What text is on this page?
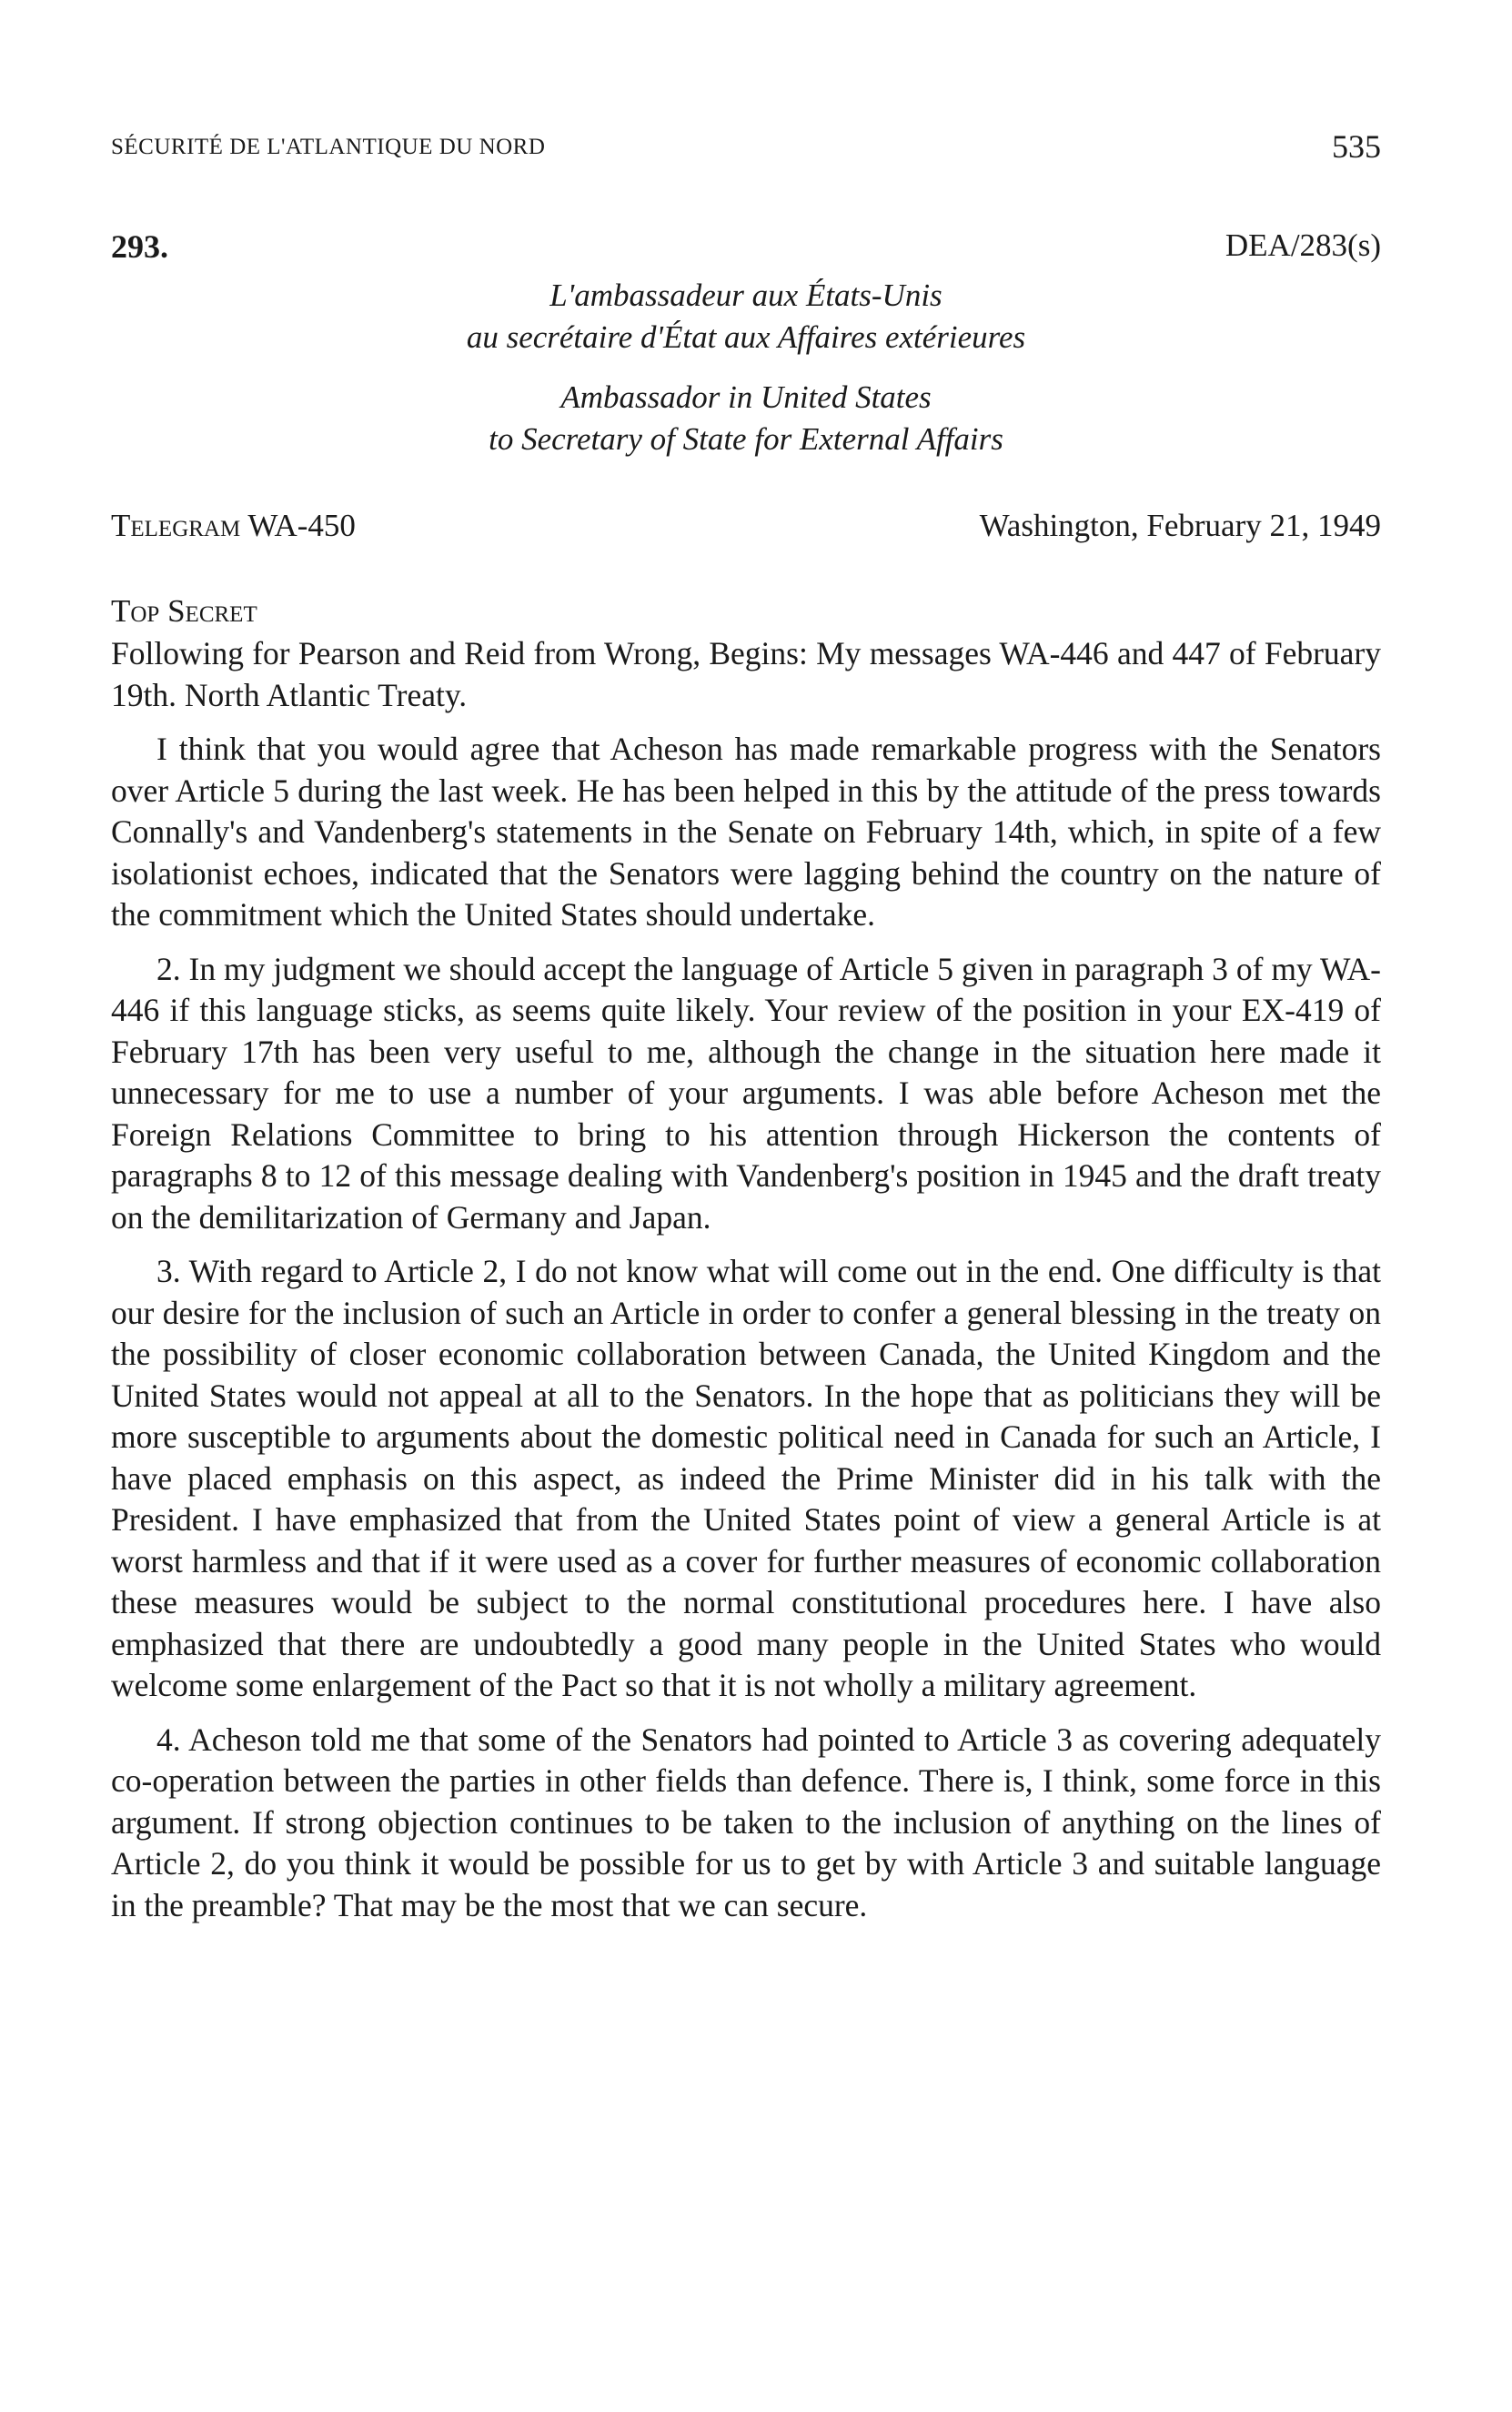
SÉCURITÉ DE L'ATLANTIQUE DU NORD	535
293.	DEA/283(s)
L'ambassadeur aux États-Unis
au secrétaire d'État aux Affaires extérieures
Ambassador in United States
to Secretary of State for External Affairs
Telegram WA-450	Washington, February 21, 1949
Top Secret

Following for Pearson and Reid from Wrong, Begins: My messages WA-446 and 447 of February 19th. North Atlantic Treaty.

I think that you would agree that Acheson has made remarkable progress with the Senators over Article 5 during the last week. He has been helped in this by the attitude of the press towards Connally's and Vandenberg's statements in the Senate on February 14th, which, in spite of a few isolationist echoes, indicated that the Senators were lagging behind the country on the nature of the commitment which the United States should undertake.

2. In my judgment we should accept the language of Article 5 given in paragraph 3 of my WA-446 if this language sticks, as seems quite likely. Your review of the position in your EX-419 of February 17th has been very useful to me, although the change in the situation here made it unnecessary for me to use a number of your arguments. I was able before Acheson met the Foreign Relations Committee to bring to his attention through Hickerson the contents of paragraphs 8 to 12 of this message dealing with Vandenberg's position in 1945 and the draft treaty on the demilitarization of Germany and Japan.

3. With regard to Article 2, I do not know what will come out in the end. One difficulty is that our desire for the inclusion of such an Article in order to confer a general blessing in the treaty on the possibility of closer economic collaboration between Canada, the United Kingdom and the United States would not appeal at all to the Senators. In the hope that as politicians they will be more susceptible to arguments about the domestic political need in Canada for such an Article, I have placed emphasis on this aspect, as indeed the Prime Minister did in his talk with the President. I have emphasized that from the United States point of view a general Article is at worst harmless and that if it were used as a cover for further measures of economic collaboration these measures would be subject to the normal constitutional procedures here. I have also emphasized that there are undoubtedly a good many people in the United States who would welcome some enlargement of the Pact so that it is not wholly a military agreement.

4. Acheson told me that some of the Senators had pointed to Article 3 as covering adequately co-operation between the parties in other fields than defence. There is, I think, some force in this argument. If strong objection continues to be taken to the inclusion of anything on the lines of Article 2, do you think it would be possible for us to get by with Article 3 and suitable language in the preamble? That may be the most that we can secure.
